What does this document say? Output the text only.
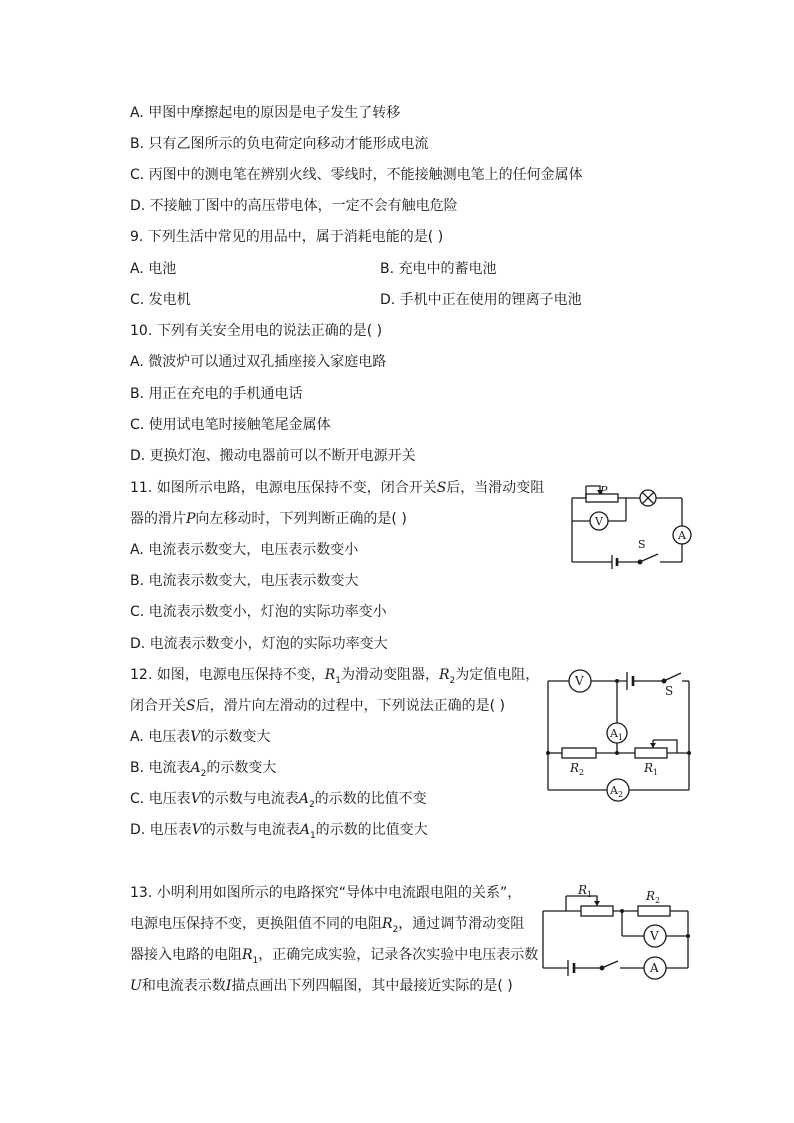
A. 甲图中摩擦起电的原因是电子发生了转移
B. 只有乙图所示的负电荷定向移动才能形成电流
C. 丙图中的测电笔在辨别火线、零线时，不能接触测电笔上的任何金属体
D. 不接触丁图中的高压带电体，一定不会有触电危险
9. 下列生活中常见的用品中，属于消耗电能的是( )
A. 电池	B. 充电中的蓄电池
C. 发电机	D. 手机中正在使用的锂离子电池
10. 下列有关安全用电的说法正确的是( )
A. 微波炉可以通过双孔插座接入家庭电路
B. 用正在充电的手机通电话
C. 使用试电笔时接触笔尾金属体
D. 更换灯泡、搬动电器前可以不断开电源开关
11. 如图所示电路，电源电压保持不变，闭合开关S后，当滑动变阻
器的滑片P向左移动时，下列判断正确的是( )
A. 电流表示数变大，电压表示数变小
B. 电流表示数变大，电压表示数变大
C. 电流表示数变小，灯泡的实际功率变小
D. 电流表示数变小，灯泡的实际功率变大
P
V
A
S
12. 如图，电源电压保持不变，$R_1$为滑动变阻器，$R_2$为定值电阻，
闭合开关S后，滑片向左滑动的过程中，下列说法正确的是( )
A. 电压表V的示数变大
B. 电流表$A_2$的示数变大
C. 电压表V的示数与电流表$A_2$的示数的比值不变
D. 电压表V的示数与电流表$A_1$的示数的比值变大
V
S
$A_1$
$R_2$	$R_1$
$A_2$
13. 小明利用如图所示的电路探究“导体中电流跟电阻的关系”，
电源电压保持不变，更换阻值不同的电阻$R_2$，通过调节滑动变阻
器接入电路的电阻$R_1$，正确完成实验，记录各次实验中电压表示数
U和电流表示数I描点画出下列四幅图，其中最接近实际的是( )
$R_1$	$R_2$
V
A
